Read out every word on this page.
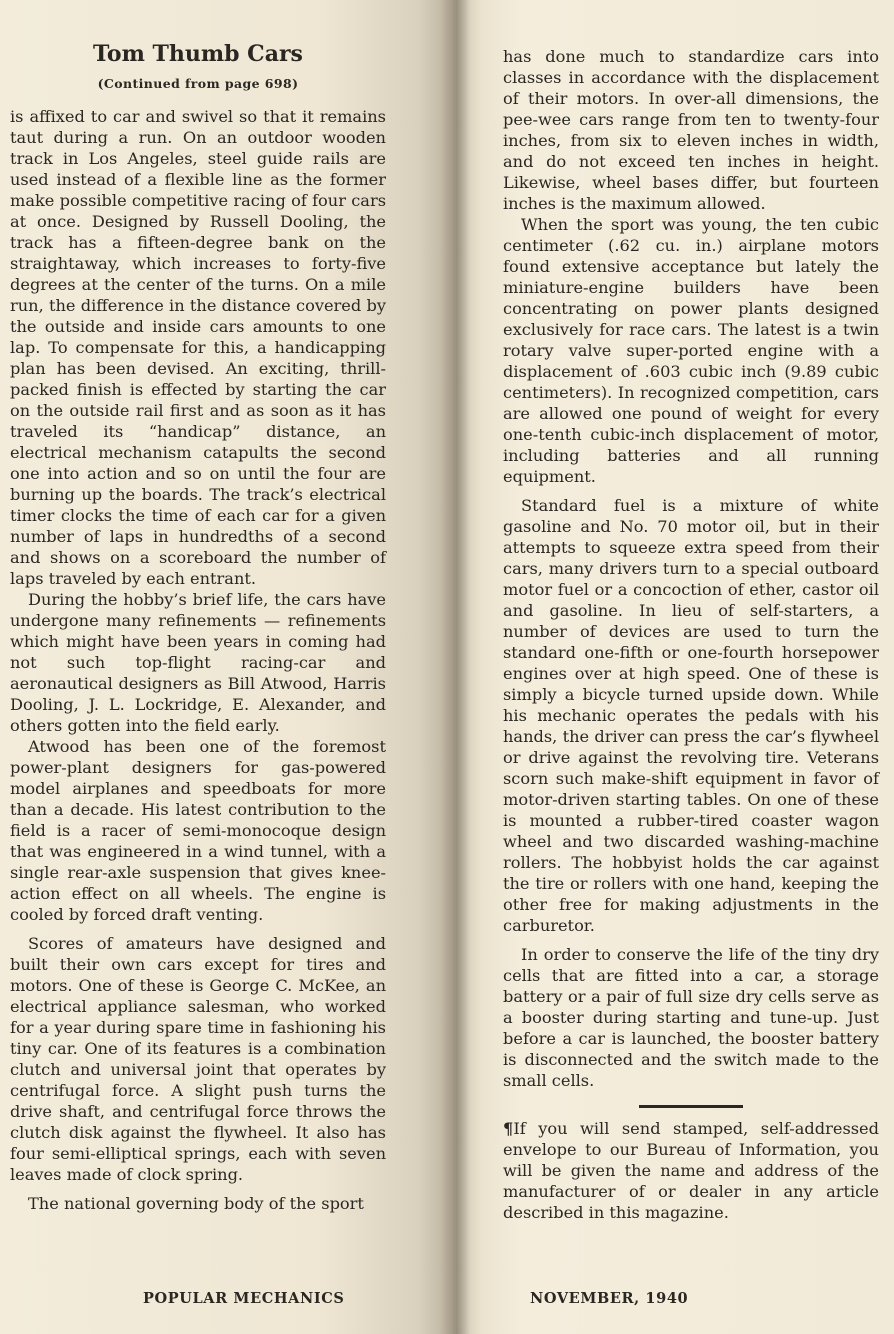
Tom Thumb Cars
(Continued from page 698)

is affixed to car and swivel so that it remains taut during a run. On an outdoor wooden track in Los Angeles, steel guide rails are used instead of a flexible line as the former make possible competitive racing of four cars at once. Designed by Russell Dooling, the track has a fifteen-degree bank on the straightaway, which increases to forty-five degrees at the center of the turns. On a mile run, the difference in the distance covered by the outside and inside cars amounts to one lap. To compensate for this, a handicapping plan has been devised. An exciting, thrill-packed finish is effected by starting the car on the outside rail first and as soon as it has traveled its “handicap” distance, an electrical mechanism catapults the second one into action and so on until the four are burning up the boards. The track’s electrical timer clocks the time of each car for a given number of laps in hundredths of a second and shows on a scoreboard the number of laps traveled by each entrant.

During the hobby’s brief life, the cars have undergone many refinements — refinements which might have been years in coming had not such top-flight racing-car and aeronautical designers as Bill Atwood, Harris Dooling, J. L. Lockridge, E. Alexander, and others gotten into the field early.

Atwood has been one of the foremost power-plant designers for gas-powered model airplanes and speedboats for more than a decade. His latest contribution to the field is a racer of semi-monocoque design that was engineered in a wind tunnel, with a single rear-axle suspension that gives knee-action effect on all wheels. The engine is cooled by forced draft venting.

Scores of amateurs have designed and built their own cars except for tires and motors. One of these is George C. McKee, an electrical appliance salesman, who worked for a year during spare time in fashioning his tiny car. One of its features is a combination clutch and universal joint that operates by centrifugal force. A slight push turns the drive shaft, and centrifugal force throws the clutch disk against the flywheel. It also has four semi-elliptical springs, each with seven leaves made of clock spring.

The national governing body of the sport

has done much to standardize cars into classes in accordance with the displacement of their motors. In over-all dimensions, the pee-wee cars range from ten to twenty-four inches, from six to eleven inches in width, and do not exceed ten inches in height. Likewise, wheel bases differ, but fourteen inches is the maximum allowed.

When the sport was young, the ten cubic centimeter (.62 cu. in.) airplane motors found extensive acceptance but lately the miniature-engine builders have been concentrating on power plants designed exclusively for race cars. The latest is a twin rotary valve super-ported engine with a displacement of .603 cubic inch (9.89 cubic centimeters). In recognized competition, cars are allowed one pound of weight for every one-tenth cubic-inch displacement of motor, including batteries and all running equipment.

Standard fuel is a mixture of white gasoline and No. 70 motor oil, but in their attempts to squeeze extra speed from their cars, many drivers turn to a special outboard motor fuel or a concoction of ether, castor oil and gasoline. In lieu of self-starters, a number of devices are used to turn the standard one-fifth or one-fourth horsepower engines over at high speed. One of these is simply a bicycle turned upside down. While his mechanic operates the pedals with his hands, the driver can press the car’s flywheel or drive against the revolving tire. Veterans scorn such make-shift equipment in favor of motor-driven starting tables. On one of these is mounted a rubber-tired coaster wagon wheel and two discarded washing-machine rollers. The hobbyist holds the car against the tire or rollers with one hand, keeping the other free for making adjustments in the carburetor.

In order to conserve the life of the tiny dry cells that are fitted into a car, a storage battery or a pair of full size dry cells serve as a booster during starting and tune-up. Just before a car is launched, the booster battery is disconnected and the switch made to the small cells.

¶If you will send stamped, self-addressed envelope to our Bureau of Information, you will be given the name and address of the manufacturer of or dealer in any article described in this magazine.

POPULAR MECHANICS	NOVEMBER, 1940
